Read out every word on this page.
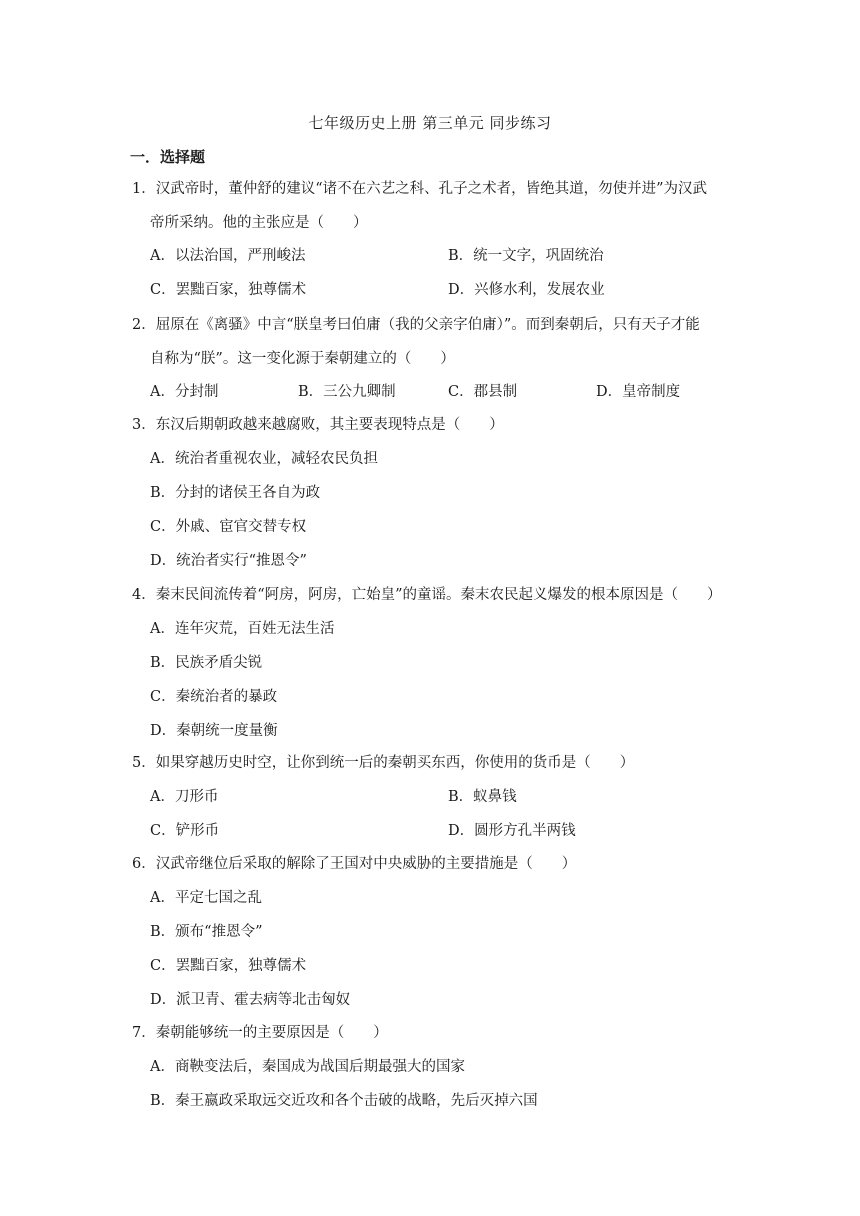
七年级历史上册 第三单元 同步练习
一．选择题
1．汉武帝时，董仲舒的建议“诸不在六艺之科、孔子之术者，皆绝其道，勿使并进”为汉武
帝所采纳。他的主张应是（　　）
A．以法治国，严刑峻法	B．统一文字，巩固统治
C．罢黜百家，独尊儒术	D．兴修水利，发展农业
2．屈原在《离骚》中言“朕皇考曰伯庸（我的父亲字伯庸）”。而到秦朝后，只有天子才能
自称为“朕”。这一变化源于秦朝建立的（　　）
A．分封制	B．三公九卿制	C．郡县制	D．皇帝制度
3．东汉后期朝政越来越腐败，其主要表现特点是（　　）
A．统治者重视农业，减轻农民负担
B．分封的诸侯王各自为政
C．外戚、宦官交替专权
D．统治者实行“推恩令”
4．秦末民间流传着“阿房，阿房，亡始皇”的童谣。秦末农民起义爆发的根本原因是（　　）
A．连年灾荒，百姓无法生活
B．民族矛盾尖锐
C．秦统治者的暴政
D．秦朝统一度量衡
5．如果穿越历史时空，让你到统一后的秦朝买东西，你使用的货币是（　　）
A．刀形币	B．蚁鼻钱
C．铲形币	D．圆形方孔半两钱
6．汉武帝继位后采取的解除了王国对中央威胁的主要措施是（　　）
A．平定七国之乱
B．颁布“推恩令”
C．罢黜百家，独尊儒术
D．派卫青、霍去病等北击匈奴
7．秦朝能够统一的主要原因是（　　）
A．商鞅变法后，秦国成为战国后期最强大的国家
B．秦王嬴政采取远交近攻和各个击破的战略，先后灭掉六国
